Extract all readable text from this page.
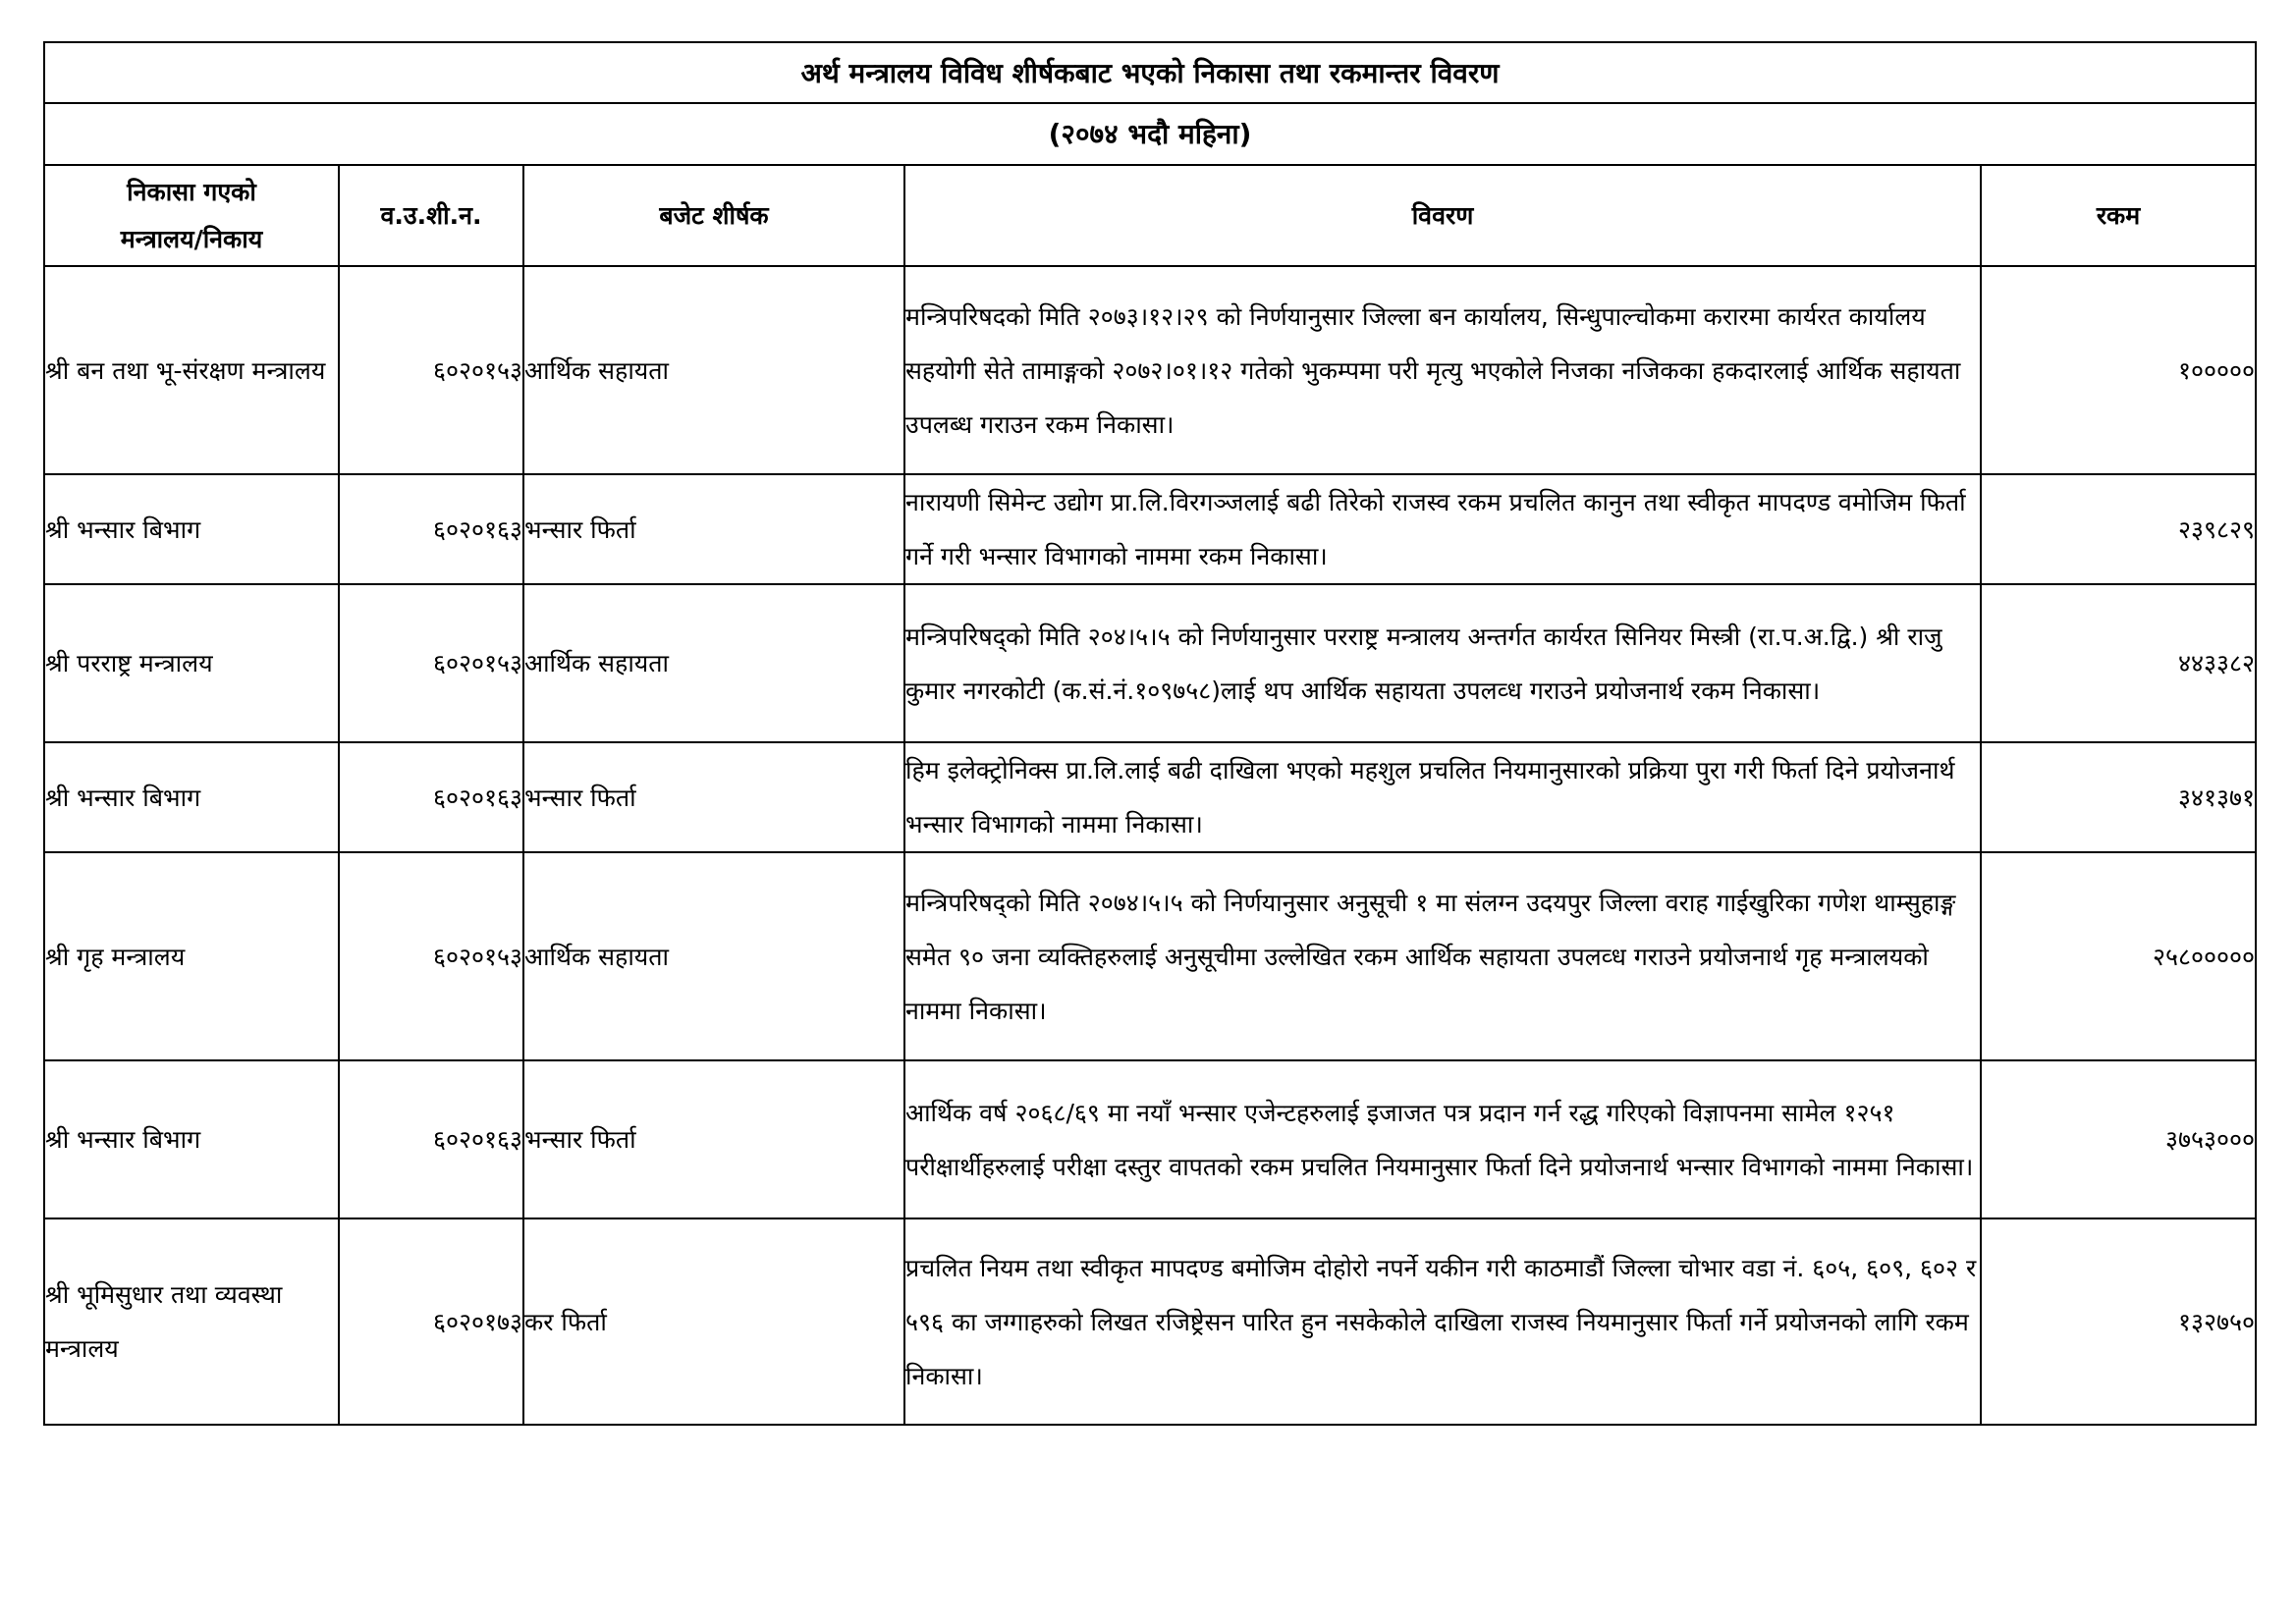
अर्थ मन्त्रालय विविध शीर्षकबाट भएको निकासा तथा रकमान्तर विवरण				
(२०७४ भदौ महिना)				
निकासा गएको
मन्त्रालय/निकाय	व.उ.शी.न.	बजेट शीर्षक	विवरण	रकम
श्री बन तथा भू-संरक्षण मन्त्रालय	६०२०१५३	आर्थिक सहायता	मन्त्रिपरिषदको मिति २०७३।१२।२९ को निर्णयानुसार जिल्ला बन कार्यालय, सिन्धुपाल्चोकमा करारमा कार्यरत कार्यालय सहयोगी सेते तामाङ्गको २०७२।०१।१२ गतेको भुकम्पमा परी मृत्यु भएकोले निजका नजिकका हकदारलाई आर्थिक सहायता उपलब्ध गराउन रकम निकासा।	१०००००
श्री भन्सार बिभाग	६०२०१६३	भन्सार फिर्ता	नारायणी सिमेन्ट उद्योग प्रा.लि.विरगञ्जलाई बढी तिरेको राजस्व रकम प्रचलित कानुन तथा स्वीकृत मापदण्ड वमोजिम फिर्ता गर्ने गरी भन्सार विभागको नाममा रकम निकासा।	२३९८२९
श्री परराष्ट्र मन्त्रालय	६०२०१५३	आर्थिक सहायता	मन्त्रिपरिषद्को मिति २०४।५।५ को निर्णयानुसार परराष्ट्र मन्त्रालय अन्तर्गत कार्यरत सिनियर मिस्त्री (रा.प.अ.द्वि.) श्री राजु कुमार नगरकोटी (क.सं.नं.१०९७५८)लाई थप आर्थिक सहायता उपलव्ध गराउने प्रयोजनार्थ रकम निकासा।	४४३३८२
श्री भन्सार बिभाग	६०२०१६३	भन्सार फिर्ता	हिम इलेक्ट्रोनिक्स प्रा.लि.लाई बढी दाखिला भएको महशुल प्रचलित नियमानुसारको प्रक्रिया पुरा गरी फिर्ता दिने प्रयोजनार्थ भन्सार विभागको नाममा निकासा।	३४१३७१
श्री गृह मन्त्रालय	६०२०१५३	आर्थिक सहायता	मन्त्रिपरिषद्को मिति २०७४।५।५ को निर्णयानुसार अनुसूची १ मा संलग्न उदयपुर जिल्ला वराह गाईखुरिका गणेश थाम्सुहाङ्ग समेत ९० जना व्यक्तिहरुलाई अनुसूचीमा उल्लेखित रकम आर्थिक सहायता उपलव्ध गराउने प्रयोजनार्थ गृह मन्त्रालयको नाममा निकासा।	२५८०००००
श्री भन्सार बिभाग	६०२०१६३	भन्सार फिर्ता	आर्थिक वर्ष २०६८/६९ मा नयाँ भन्सार एजेन्टहरुलाई इजाजत पत्र प्रदान गर्न रद्ध गरिएको विज्ञापनमा सामेल १२५१ परीक्षार्थीहरुलाई परीक्षा दस्तुर वापतको रकम प्रचलित नियमानुसार फिर्ता दिने प्रयोजनार्थ भन्सार विभागको नाममा निकासा।	३७५३०००
श्री भूमिसुधार तथा व्यवस्था मन्त्रालय	६०२०१७३	कर फिर्ता	प्रचलित नियम तथा स्वीकृत मापदण्ड बमोजिम दोहोरो नपर्ने यकीन गरी काठमाडौं जिल्ला चोभार वडा नं. ६०५, ६०९, ६०२ र ५९६ का जग्गाहरुको लिखत रजिष्ट्रेसन पारित हुन नसकेकोले दाखिला राजस्व नियमानुसार फिर्ता गर्ने प्रयोजनको लागि रकम निकासा।	१३२७५०
